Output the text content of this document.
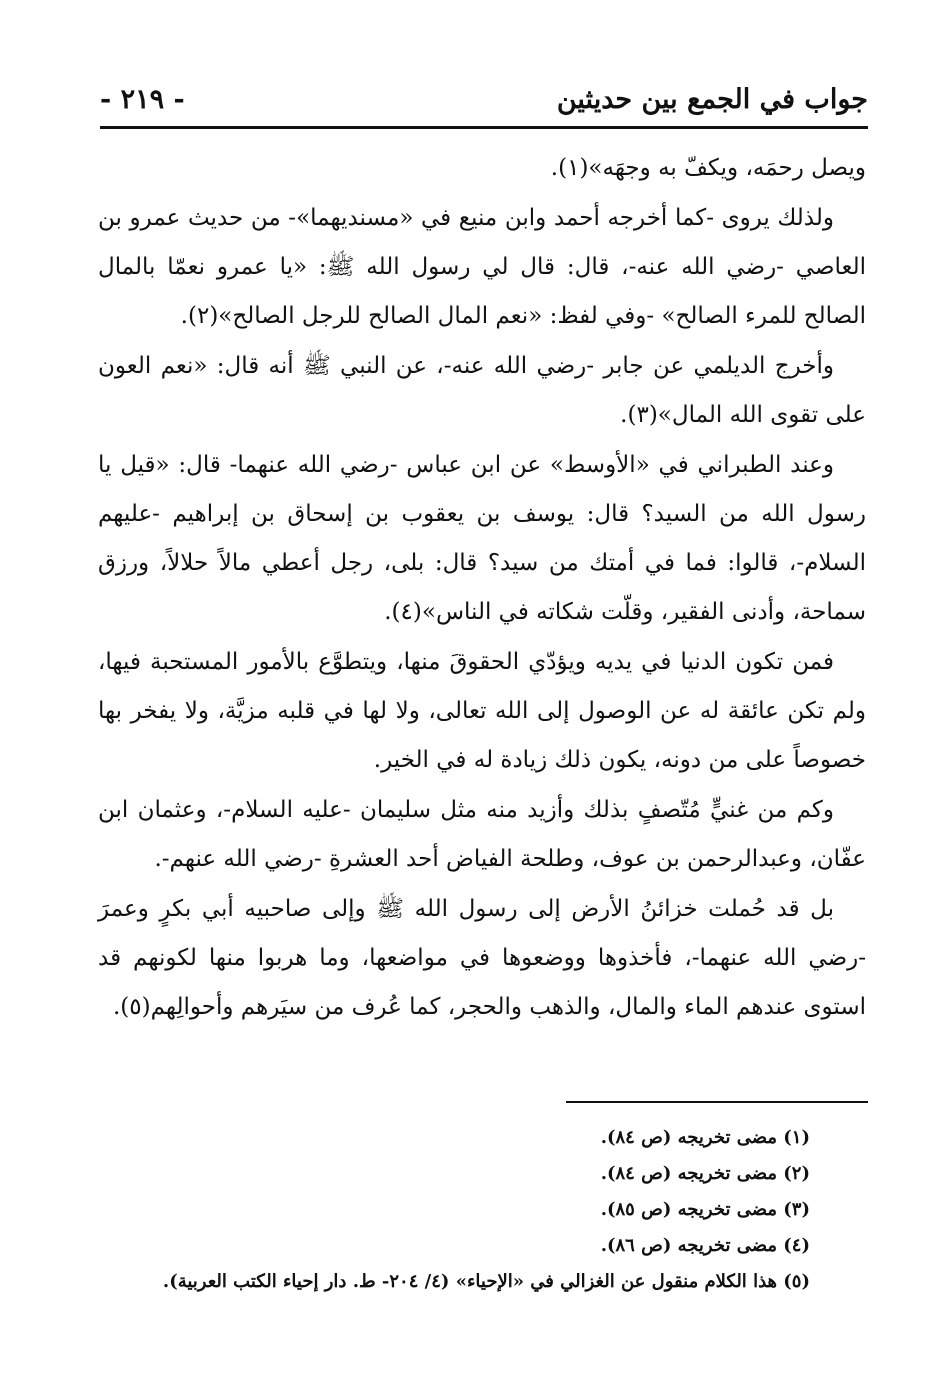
جواب في الجمع بين حديثين
- ٢١٩ -

ويصل رحمَه، ويكفّ به وجهَه»(١).

ولذلك يروى -كما أخرجه أحمد وابن منيع في «مسنديهما»- من حديث عمرو بن العاصي -رضي الله عنه-، قال: قال لي رسول الله ﷺ: «يا عمرو نعمّا بالمال الصالح للمرء الصالح» -وفي لفظ: «نعم المال الصالح للرجل الصالح»(٢).

وأخرج الديلمي عن جابر -رضي الله عنه-، عن النبي ﷺ أنه قال: «نعم العون على تقوى الله المال»(٣).

وعند الطبراني في «الأوسط» عن ابن عباس -رضي الله عنهما- قال: «قيل يا رسول الله من السيد؟ قال: يوسف بن يعقوب بن إسحاق بن إبراهيم -عليهم السلام-، قالوا: فما في أمتك من سيد؟ قال: بلى، رجل أعطي مالاً حلالاً، ورزق سماحة، وأدنى الفقير، وقلّت شكاته في الناس»(٤).

فمن تكون الدنيا في يديه ويؤدّي الحقوقَ منها، ويتطوَّع بالأمور المستحبة فيها، ولم تكن عائقة له عن الوصول إلى الله تعالى، ولا لها في قلبه مزيَّة، ولا يفخر بها خصوصاً على من دونه، يكون ذلك زيادة له في الخير.

وكم من غنيٍّ مُتّصفٍ بذلك وأزيد منه مثل سليمان -عليه السلام-، وعثمان ابن عفّان، وعبدالرحمن بن عوف، وطلحة الفياض أحد العشرةِ -رضي الله عنهم-.

بل قد حُملت خزائنُ الأرض إلى رسول الله ﷺ وإلى صاحبيه أبي بكرٍ وعمرَ -رضي الله عنهما-، فأخذوها ووضعوها في مواضعها، وما هربوا منها لكونهم قد استوى عندهم الماء والمال، والذهب والحجر، كما عُرف من سيَرهم وأحوالِهم(٥).

(١) مضى تخريجه (ص ٨٤).
(٢) مضى تخريجه (ص ٨٤).
(٣) مضى تخريجه (ص ٨٥).
(٤) مضى تخريجه (ص ٨٦).
(٥) هذا الكلام منقول عن الغزالي في «الإحياء» (٤/ ٢٠٤- ط. دار إحياء الكتب العربية).
